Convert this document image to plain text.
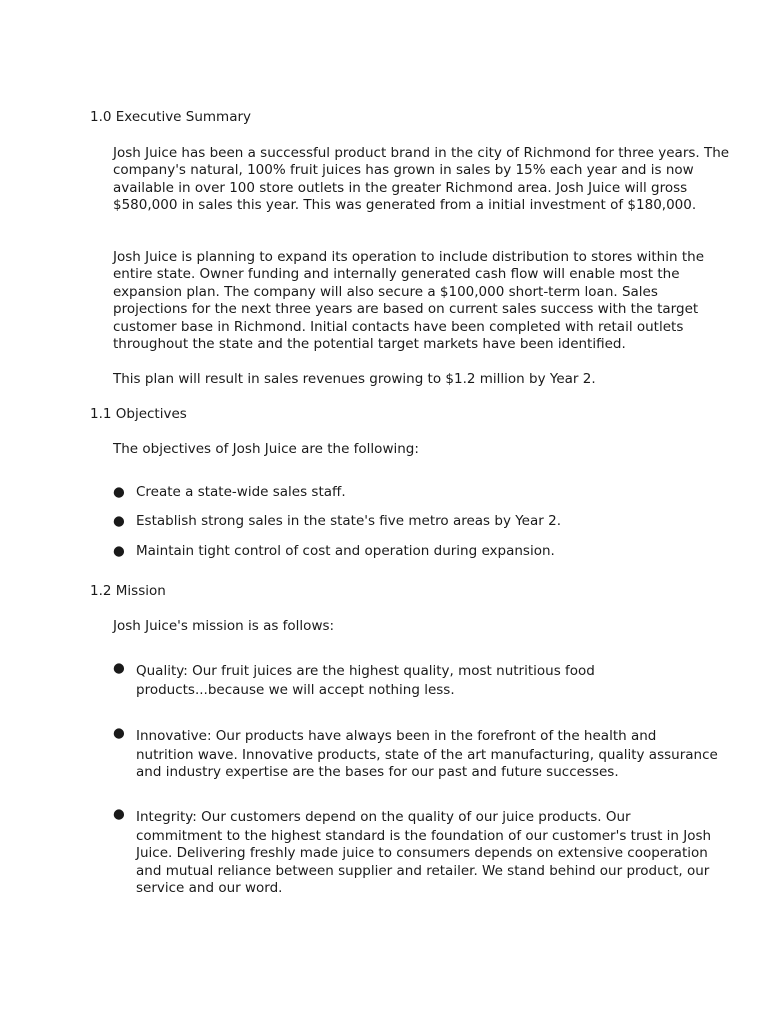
1.0 Executive Summary

Josh Juice has been a successful product brand in the city of Richmond for three years. The company's natural, 100% fruit juices has grown in sales by 15% each year and is now available in over 100 store outlets in the greater Richmond area. Josh Juice will gross $580,000 in sales this year. This was generated from a initial investment of $180,000.

Josh Juice is planning to expand its operation to include distribution to stores within the entire state. Owner funding and internally generated cash flow will enable most the expansion plan. The company will also secure a $100,000 short-term loan. Sales projections for the next three years are based on current sales success with the target customer base in Richmond. Initial contacts have been completed with retail outlets throughout the state and the potential target markets have been identified.

This plan will result in sales revenues growing to $1.2 million by Year 2.

1.1 Objectives

The objectives of Josh Juice are the following:

● Create a state-wide sales staff.
● Establish strong sales in the state's five metro areas by Year 2.
● Maintain tight control of cost and operation during expansion.
1.2 Mission

Josh Juice's mission is as follows:

● Quality: Our fruit juices are the highest quality, most nutritious food
products...because we will accept nothing less.
● Innovative: Our products have always been in the forefront of the health and
nutrition wave. Innovative products, state of the art manufacturing, quality assurance and industry expertise are the bases for our past and future successes.
● Integrity: Our customers depend on the quality of our juice products. Our
commitment to the highest standard is the foundation of our customer's trust in Josh Juice. Delivering freshly made juice to consumers depends on extensive cooperation and mutual reliance between supplier and retailer. We stand behind our product, our service and our word.
